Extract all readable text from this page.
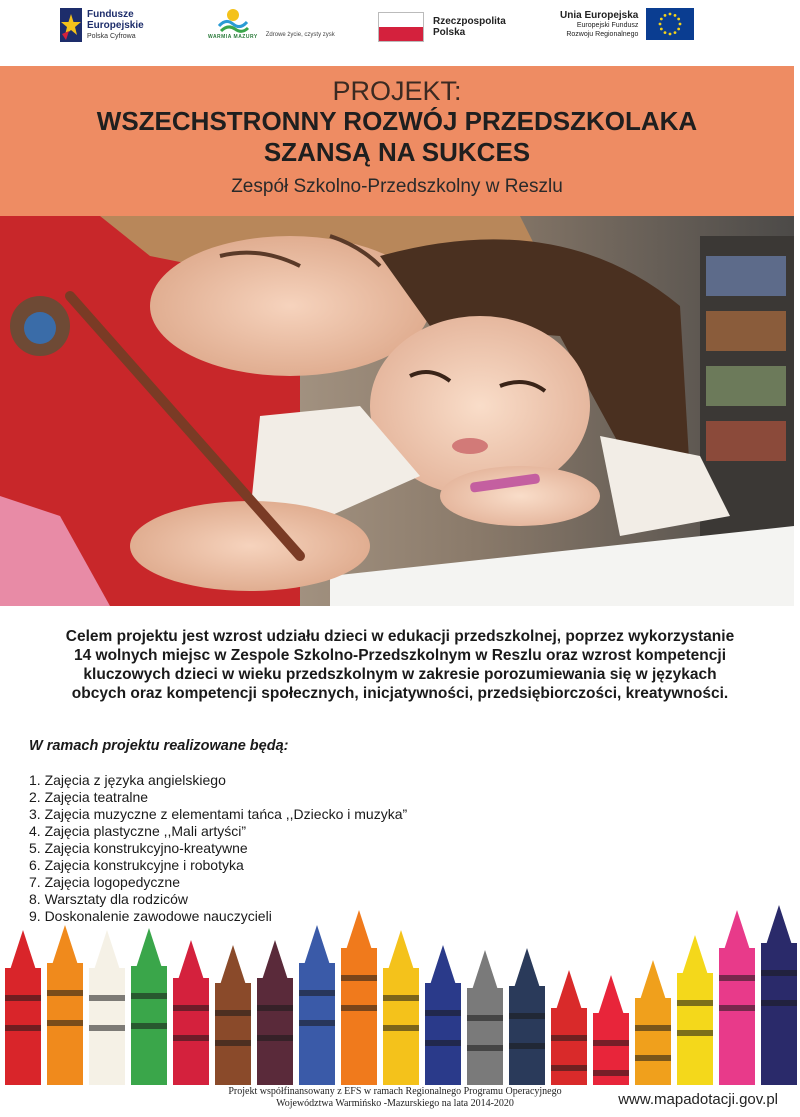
Fundusze
Europejskie
Polska Cyfrowa	WARMIA MAZURY Zdrowe życie, czysty zysk
Rzeczpospolita
Polska
Unia Europejska
Europejski Fundusz
Rozwoju Regionalnego
PROJEKT:
WSZECHSTRONNY ROZWÓJ PRZEDSZKOLAKA
SZANSĄ NA SUKCES
Zespół Szkolno-Przedszkolny w Reszlu
Celem projektu jest wzrost udziału dzieci w edukacji przedszkolnej, poprzez wykorzystanie
14 wolnych miejsc w Zespole Szkolno-Przedszkolnym w Reszlu oraz wzrost kompetencji
kluczowych dzieci w wieku przedszkolnym w zakresie porozumiewania się w językach
obcych oraz kompetencji społecznych, inicjatywności, przedsiębiorczości, kreatywności.
W ramach projektu realizowane będą:
1. Zajęcia z języka angielskiego
2. Zajęcia teatralne
3. Zajęcia muzyczne z elementami tańca ,,Dziecko i muzyka”
4. Zajęcia plastyczne ,,Mali artyści”
5. Zajęcia konstrukcyjno-kreatywne
6. Zajęcia konstrukcyjne i robotyka
7. Zajęcia logopedyczne
8. Warsztaty dla rodziców
9. Doskonalenie zawodowe nauczycieli
Projekt współfinansowany z EFS w ramach Regionalnego Programu Operacyjnego
Województwa Warmińsko -Mazurskiego na lata 2014-2020	www.mapadotacji.gov.pl
